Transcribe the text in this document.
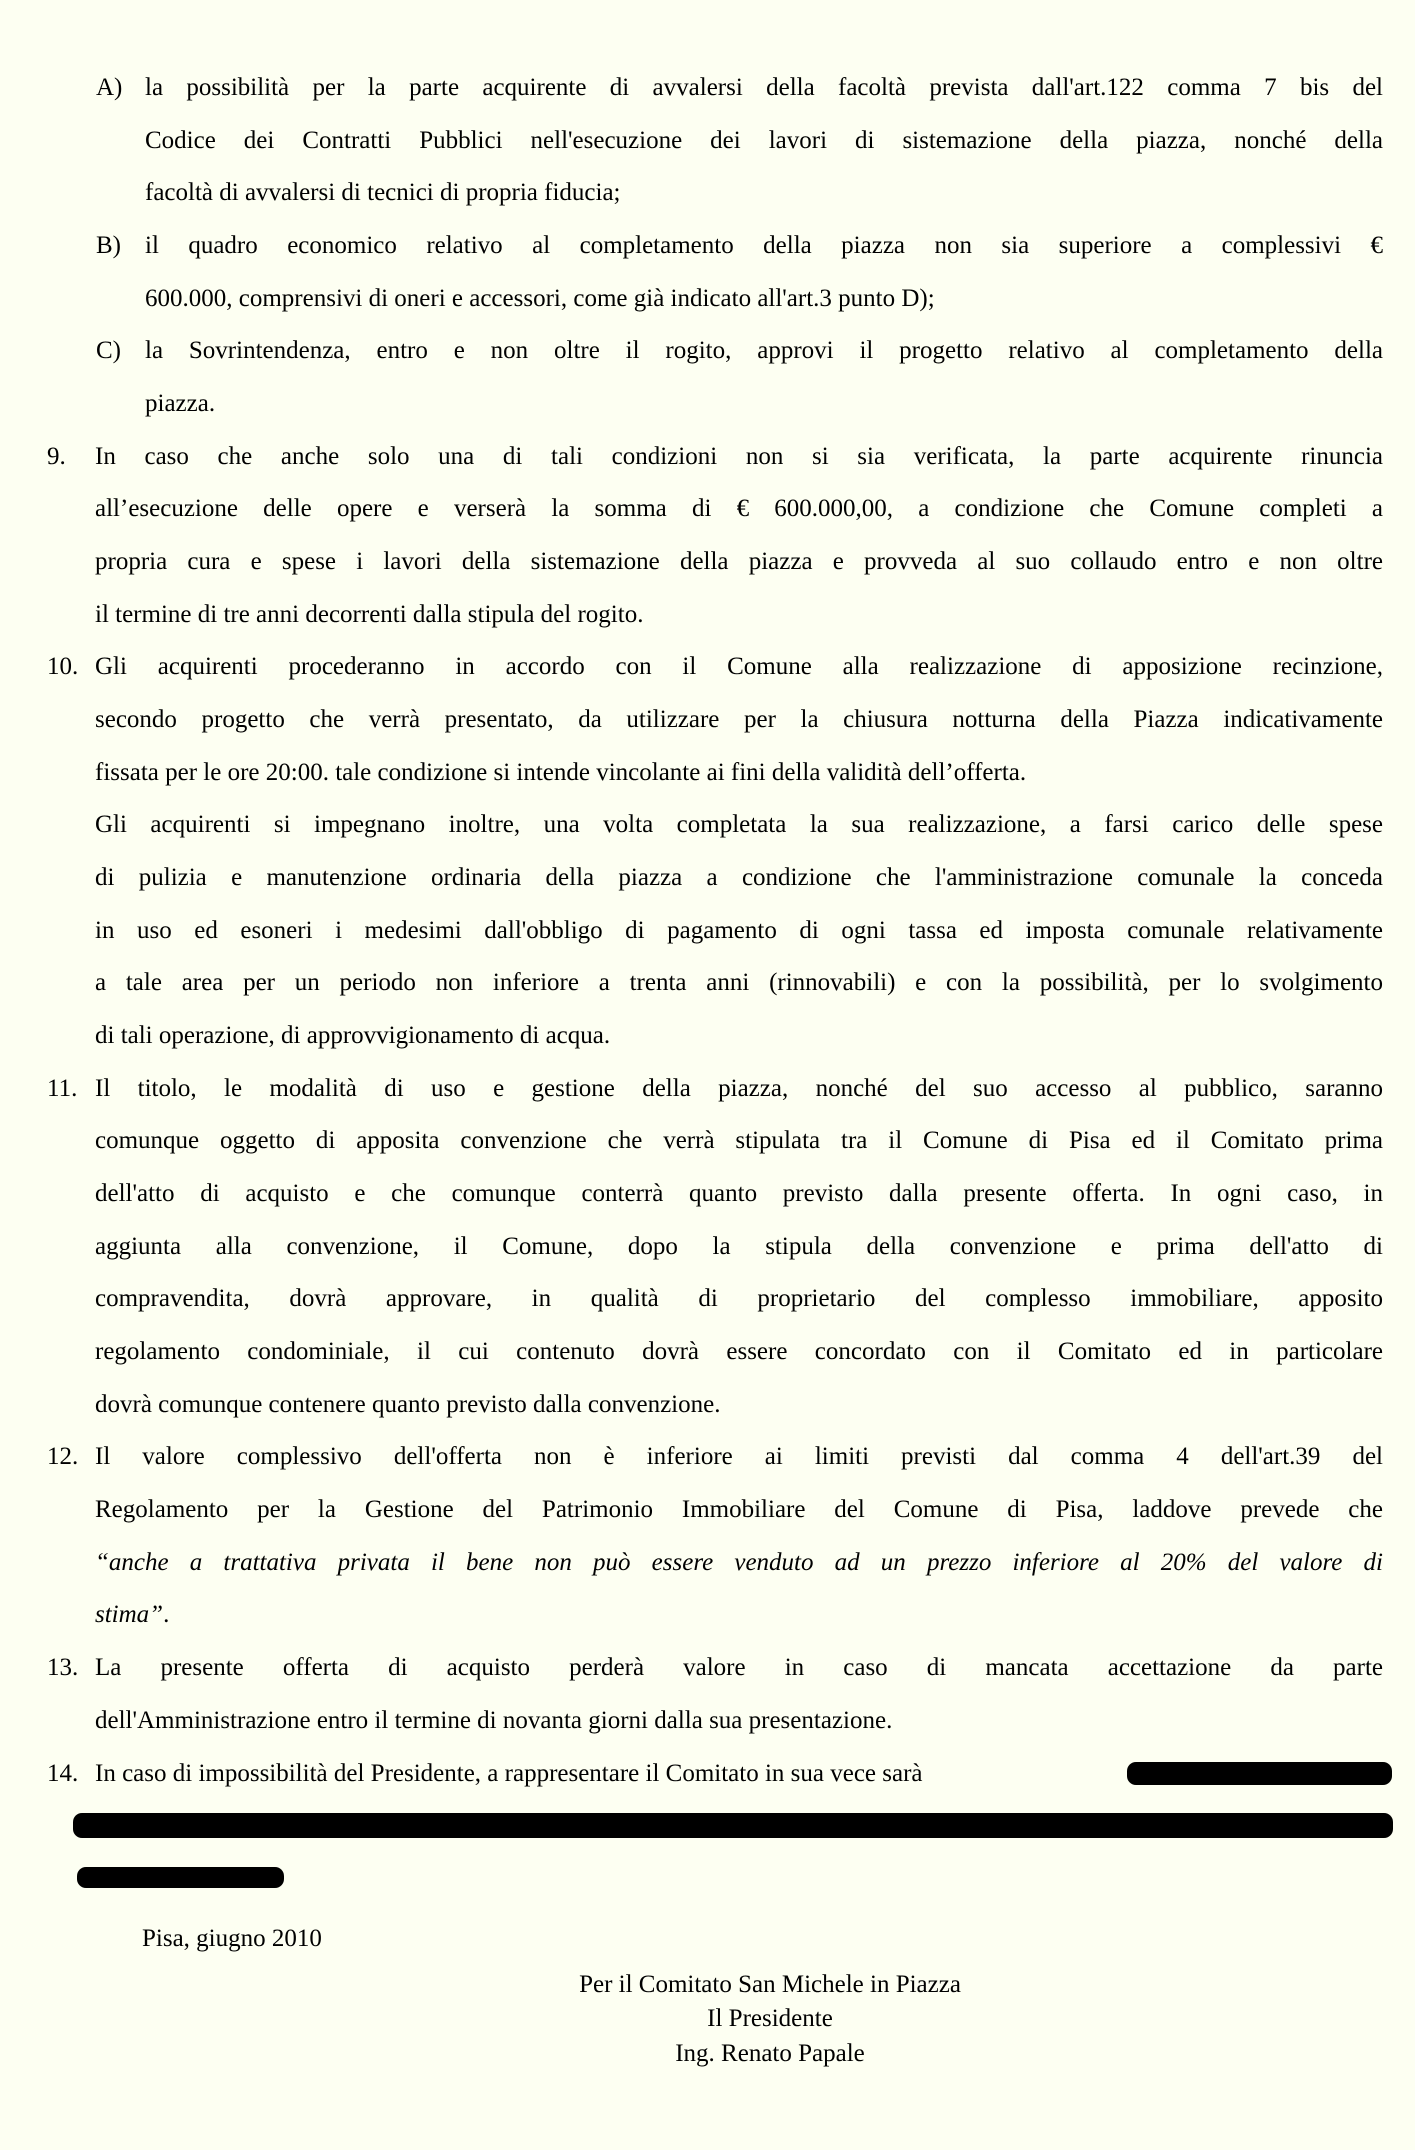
A) la possibilità per la parte acquirente di avvalersi della facoltà prevista dall'art.122 comma 7 bis del
Codice dei Contratti Pubblici nell'esecuzione dei lavori di sistemazione della piazza, nonché della
facoltà di avvalersi di tecnici di propria fiducia;
B) il quadro economico relativo al completamento della piazza non sia superiore a complessivi €
600.000, comprensivi di oneri e accessori, come già indicato all'art.3 punto D);
C) la Sovrintendenza, entro e non oltre il rogito, approvi il progetto relativo al completamento della
piazza.
9. In caso che anche solo una di tali condizioni non si sia verificata, la parte acquirente rinuncia
all’esecuzione delle opere e verserà la somma di € 600.000,00, a condizione che Comune completi a
propria cura e spese i lavori della sistemazione della piazza e provveda al suo collaudo entro e non oltre
il termine di tre anni decorrenti dalla stipula del rogito.
10. Gli acquirenti procederanno in accordo con il Comune alla realizzazione di apposizione recinzione,
secondo progetto che verrà presentato, da utilizzare per la chiusura notturna della Piazza indicativamente
fissata per le ore 20:00. tale condizione si intende vincolante ai fini della validità dell’offerta.
Gli acquirenti si impegnano inoltre, una volta completata la sua realizzazione, a farsi carico delle spese
di pulizia e manutenzione ordinaria della piazza a condizione che l'amministrazione comunale la conceda
in uso ed esoneri i medesimi dall'obbligo di pagamento di ogni tassa ed imposta comunale relativamente
a tale area per un periodo non inferiore a trenta anni (rinnovabili) e con la possibilità, per lo svolgimento
di tali operazione, di approvvigionamento di acqua.
11. Il titolo, le modalità di uso e gestione della piazza, nonché del suo accesso al pubblico, saranno
comunque oggetto di apposita convenzione che verrà stipulata tra il Comune di Pisa ed il Comitato prima
dell'atto di acquisto e che comunque conterrà quanto previsto dalla presente offerta. In ogni caso, in
aggiunta alla convenzione, il Comune, dopo la stipula della convenzione e prima dell'atto di
compravendita, dovrà approvare, in qualità di proprietario del complesso immobiliare, apposito
regolamento condominiale, il cui contenuto dovrà essere concordato con il Comitato ed in particolare
dovrà comunque contenere quanto previsto dalla convenzione.
12. Il valore complessivo dell'offerta non è inferiore ai limiti previsti dal comma 4 dell'art.39 del
Regolamento per la Gestione del Patrimonio Immobiliare del Comune di Pisa, laddove prevede che
“anche a trattativa privata il bene non può essere venduto ad un prezzo inferiore al 20% del valore di
stima”.
13. La presente offerta di acquisto perderà valore in caso di mancata accettazione da parte
dell'Amministrazione entro il termine di novanta giorni dalla sua presentazione.
14. In caso di impossibilità del Presidente, a rappresentare il Comitato in sua vece sarà
Pisa, giugno 2010
Per il Comitato San Michele in Piazza
Il Presidente
Ing. Renato Papale
